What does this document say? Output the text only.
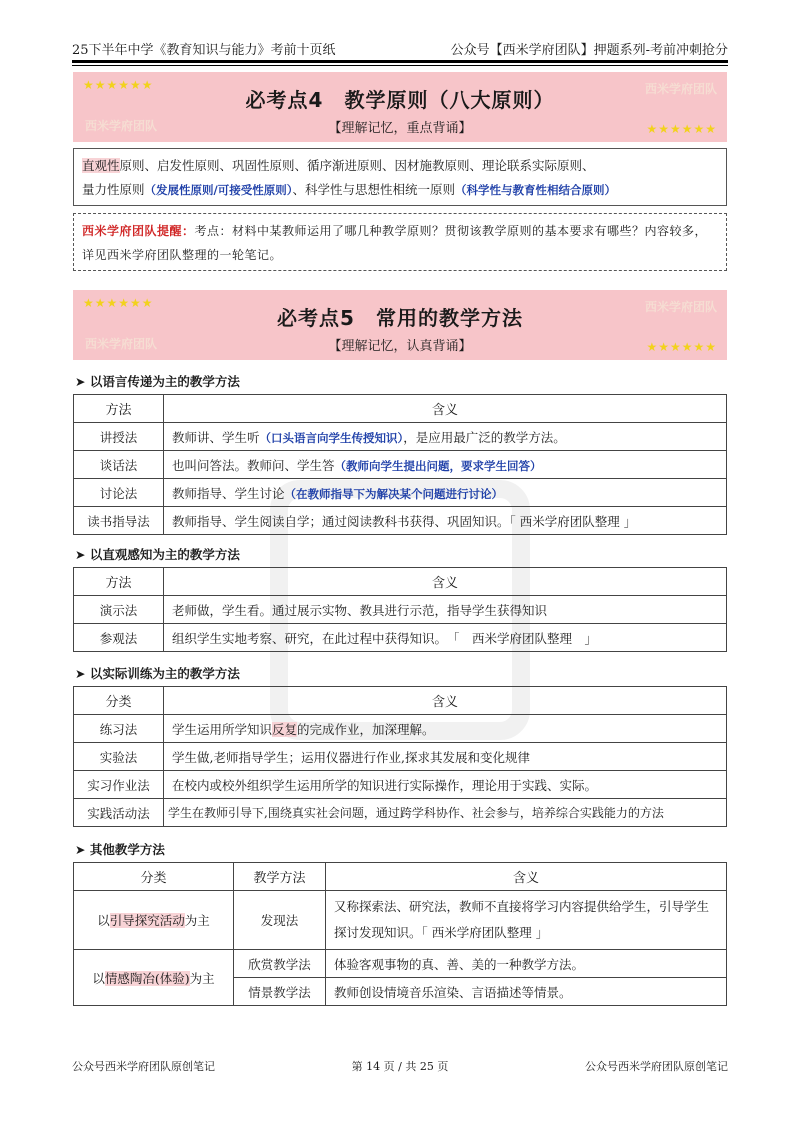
25下半年中学《教育知识与能力》考前十页纸	公众号【西米学府团队】押题系列-考前冲刺抢分
★★★★★★	西米学府团队
必考点4　教学原则（八大原则）
西米学府团队	【理解记忆，重点背诵】	★★★★★★
直观性原则、启发性原则、巩固性原则、循序渐进原则、因材施教原则、理论联系实际原则、
量力性原则（发展性原则/可接受性原则）、科学性与思想性相统一原则（科学性与教育性相结合原则）
西米学府团队提醒：考点：材料中某教师运用了哪几种教学原则？贯彻该教学原则的基本要求有哪些？内容较多，详见西米学府团队整理的一轮笔记。
★★★★★★	西米学府团队
必考点5　常用的教学方法
西米学府团队	【理解记忆，认真背诵】	★★★★★★
➤ 以语言传递为主的教学方法
方法	含义
讲授法	教师讲、学生听（口头语言向学生传授知识），是应用最广泛的教学方法。
谈话法	也叫问答法。教师问、学生答（教师向学生提出问题，要求学生回答）
讨论法	教师指导、学生讨论（在教师指导下为解决某个问题进行讨论）
读书指导法	教师指导、学生阅读自学；通过阅读教科书获得、巩固知识。「 西米学府团队整理 」
➤ 以直观感知为主的教学方法
方法	含义
演示法	老师做，学生看。通过展示实物、教具进行示范，指导学生获得知识
参观法	组织学生实地考察、研究，在此过程中获得知识。　「　西米学府团队整理　」
➤ 以实际训练为主的教学方法
分类	含义
练习法	学生运用所学知识反复的完成作业，加深理解。
实验法	学生做,老师指导学生；运用仪器进行作业,探求其发展和变化规律
实习作业法	在校内或校外组织学生运用所学的知识进行实际操作，理论用于实践、实际。
实践活动法	学生在教师引导下,围绕真实社会问题，通过跨学科协作、社会参与，培养综合实践能力的方法
➤ 其他教学方法
分类	教学方法	含义
以引导探究活动为主	发现法	又称探索法、研究法，教师不直接将学习内容提供给学生，引导学生探讨发现知识。「 西米学府团队整理 」
以情感陶冶(体验)为主	欣赏教学法	体验客观事物的真、善、美的一种教学方法。
	情景教学法	教师创设情境音乐渲染、言语描述等情景。
公众号西米学府团队原创笔记	第 14 页 / 共 25 页	公众号西米学府团队原创笔记
